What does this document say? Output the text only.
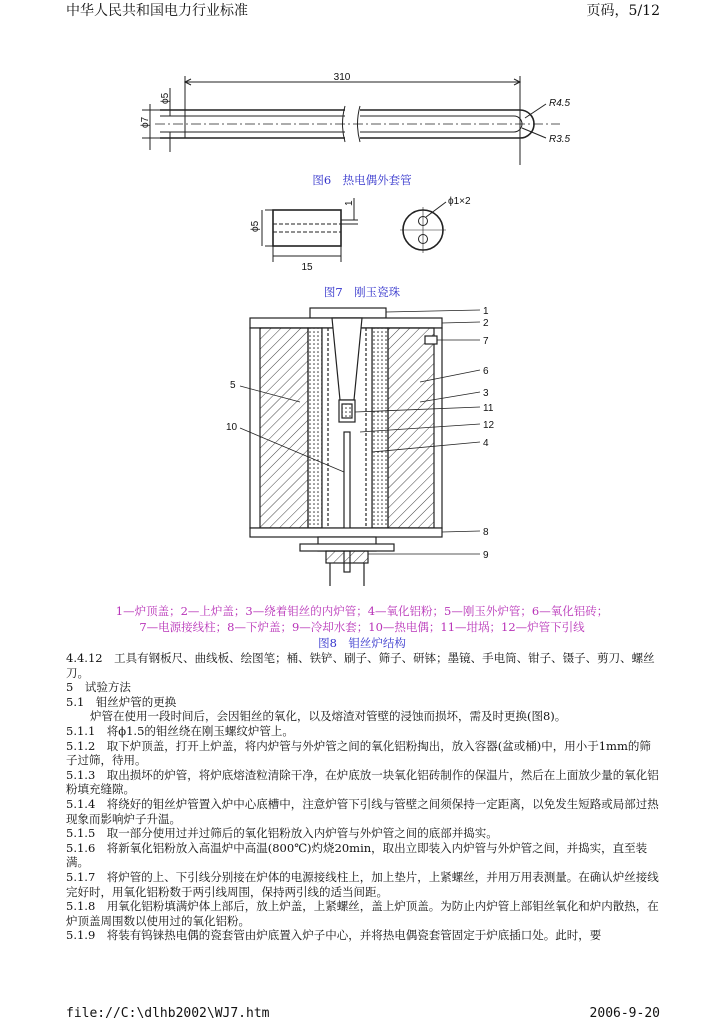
中华人民共和国电力行业标准	页码，5/12
310
ϕ7
ϕ5	R4.5
R3.5
图6　热电偶外套管
ϕ5
15
1	ϕ1×2
图7　刚玉瓷珠
1
2
7
6
3
11
12
4
8
9
5
10
1—炉顶盖；2—上炉盖；3—绕着钼丝的内炉管；4—氧化铝粉；5—刚玉外炉管；6—氧化铝砖；
7—电源接线柱；8—下炉盖；9—冷却水套；10—热电偶；11—坩埚；12—炉管下引线
图8　钼丝炉结构

4.4.12　工具有钢板尺、曲线板、绘图笔；桶、铁铲、刷子、筛子、研钵；墨镜、手电筒、钳子、镊子、剪刀、螺丝刀。

5　试验方法

5.1　钼丝炉管的更换

炉管在使用一段时间后，会因钼丝的氧化，以及熔渣对管壁的浸蚀而损坏，需及时更换(图8)。

5.1.1　将ϕ1.5的钼丝绕在刚玉螺纹炉管上。

5.1.2　取下炉顶盖，打开上炉盖，将内炉管与外炉管之间的氧化铝粉掏出，放入容器(盆或桶)中，用小于1mm的筛子过筛，待用。

5.1.3　取出损坏的炉管，将炉底熔渣粒清除干净，在炉底放一块氧化铝砖制作的保温片，然后在上面放少量的氧化铝粉填充缝隙。

5.1.4　将绕好的钼丝炉管置入炉中心底槽中，注意炉管下引线与管壁之间须保持一定距离，以免发生短路或局部过热现象而影响炉子升温。

5.1.5　取一部分使用过并过筛后的氧化铝粉放入内炉管与外炉管之间的底部并捣实。

5.1.6　将新氧化铝粉放入高温炉中高温(800℃)灼烧20min，取出立即装入内炉管与外炉管之间，并捣实，直至装满。

5.1.7　将炉管的上、下引线分别接在炉体的电源接线柱上，加上垫片，上紧螺丝，并用万用表测量。在确认炉丝接线完好时，用氧化铝粉数于两引线周围，保持两引线的适当间距。

5.1.8　用氧化铝粉填满炉体上部后，放上炉盖，上紧螺丝，盖上炉顶盖。为防止内炉管上部钼丝氧化和炉内散热，在炉顶盖周围数以使用过的氧化铝粉。

5.1.9　将装有钨铼热电偶的瓷套管由炉底置入炉子中心，并将热电偶瓷套管固定于炉底插口处。此时，要

file://C:\dlhb2002\WJ7.htm	2006-9-20
